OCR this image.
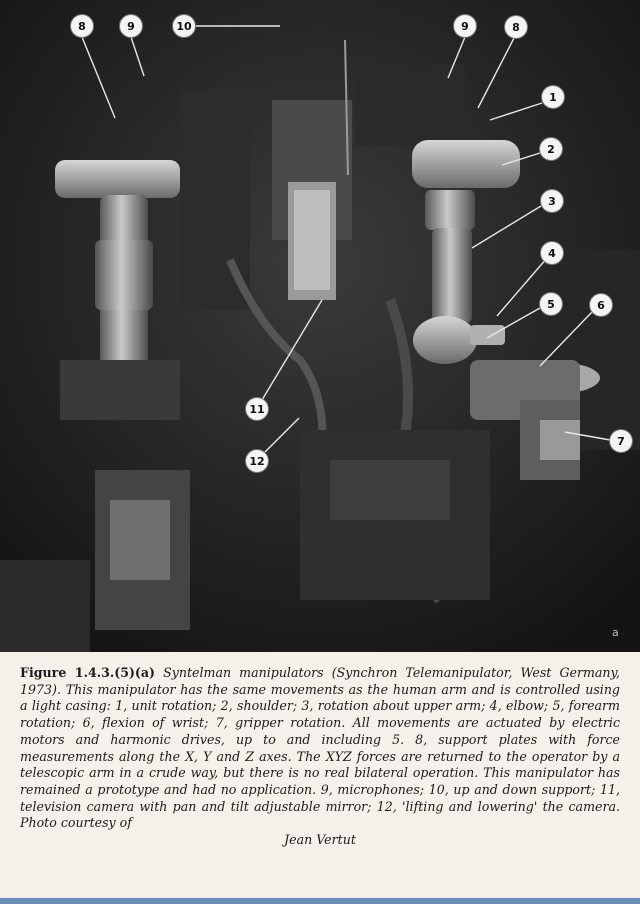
8	9	10	9	8
1
2
3
4
5	6
7
11
12
a
Figure 1.4.3.(5)(a) Syntelman manipulators (Synchron Telemanipulator, West Germany, 1973). This manipulator has the same movements as the human arm and is controlled using a light casing: 1, unit rotation; 2, shoulder; 3, rotation about upper arm; 4, elbow; 5, forearm rotation; 6, flexion of wrist; 7, gripper rotation. All movements are actuated by electric motors and harmonic drives, up to and including 5. 8, support plates with force measurements along the X, Y and Z axes. The XYZ forces are returned to the operator by a telescopic arm in a crude way, but there is no real bilateral operation. This manipulator has remained a prototype and had no application. 9, microphones; 10, up and down support; 11, television camera with pan and tilt adjustable mirror; 12, 'lifting and lowering' the camera. Photo courtesy of
Jean Vertut
